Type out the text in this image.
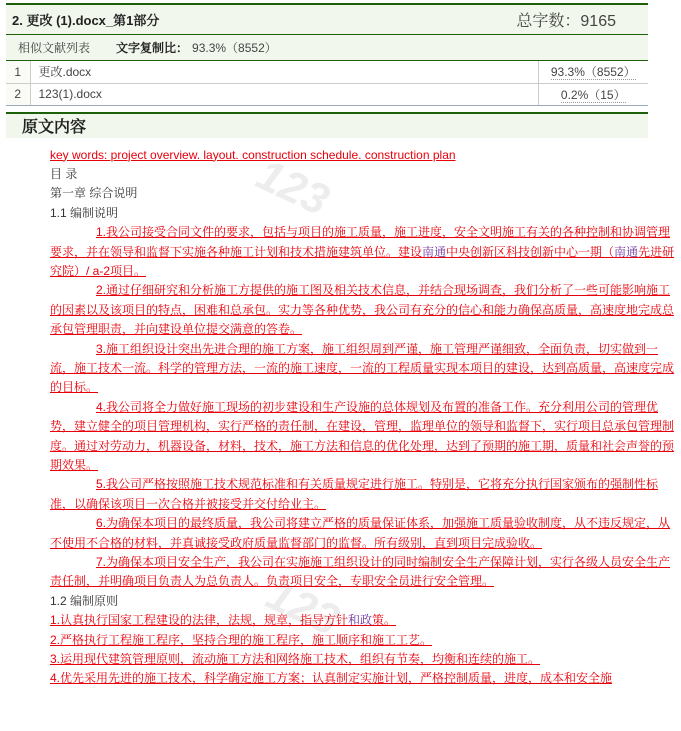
2. 更改 (1).docx_第1部分	总字数：9165
相似文献列表 文字复制比： 93.3%（8552）
1	更改.docx	93.3%（8552）
2	123(1).docx	0.2%（15）
原文内容
123
123

key words: project overview. layout. construction schedule. construction plan

目 录

第一章 综合说明

1.1 编制说明

1.我公司接受合同文件的要求，包括与项目的施工质量，施工进度，安全文明施工有关的各种控制和协调管理要求，并在领导和监督下实施各种施工计划和技术措施建筑单位。建设南通中央创新区科技创新中心一期（南通先进研究院）/ a-2项目。

2.通过仔细研究和分析施工方提供的施工图及相关技术信息，并结合现场调查，我们分析了一些可能影响施工的因素以及该项目的特点，困难和总承包。实力等各种优势，我公司有充分的信心和能力确保高质量，高速度地完成总承包管理职责，并向建设单位提交满意的答卷。

3.施工组织设计突出先进合理的施工方案，施工组织周到严谨，施工管理严谨细致，全面负责，切实做到一流，施工技术一流。科学的管理方法，一流的施工速度，一流的工程质量实现本项目的建设，达到高质量，高速度完成的目标。

4.我公司将全力做好施工现场的初步建设和生产设施的总体规划及布置的准备工作。充分利用公司的管理优势，建立健全的项目管理机构，实行严格的责任制，在建设，管理，监理单位的领导和监督下，实行项目总承包管理制度。通过对劳动力，机器设备，材料，技术，施工方法和信息的优化处理，达到了预期的施工期，质量和社会声誉的预期效果。

5.我公司严格按照施工技术规范标准和有关质量规定进行施工。特别是，它将充分执行国家颁布的强制性标准，以确保该项目一次合格并被接受并交付给业主。

6.为确保本项目的最终质量，我公司将建立严格的质量保证体系，加强施工质量验收制度，从不违反规定，从不使用不合格的材料，并真诚接受政府质量监督部门的监督。所有级别，直到项目完成验收。

7.为确保本项目安全生产，我公司在实施施工组织设计的同时编制安全生产保障计划，实行各级人员安全生产责任制，并明确项目负责人为总负责人。负责项目安全，专职安全员进行安全管理。

1.2 编制原则

1.认真执行国家工程建设的法律，法规，规章，指导方针和政策。

2.严格执行工程施工程序，坚持合理的施工程序，施工顺序和施工工艺。

3.运用现代建筑管理原则，流动施工方法和网络施工技术，组织有节奏，均衡和连续的施工。

4.优先采用先进的施工技术，科学确定施工方案；认真制定实施计划，严格控制质量，进度，成本和安全施
